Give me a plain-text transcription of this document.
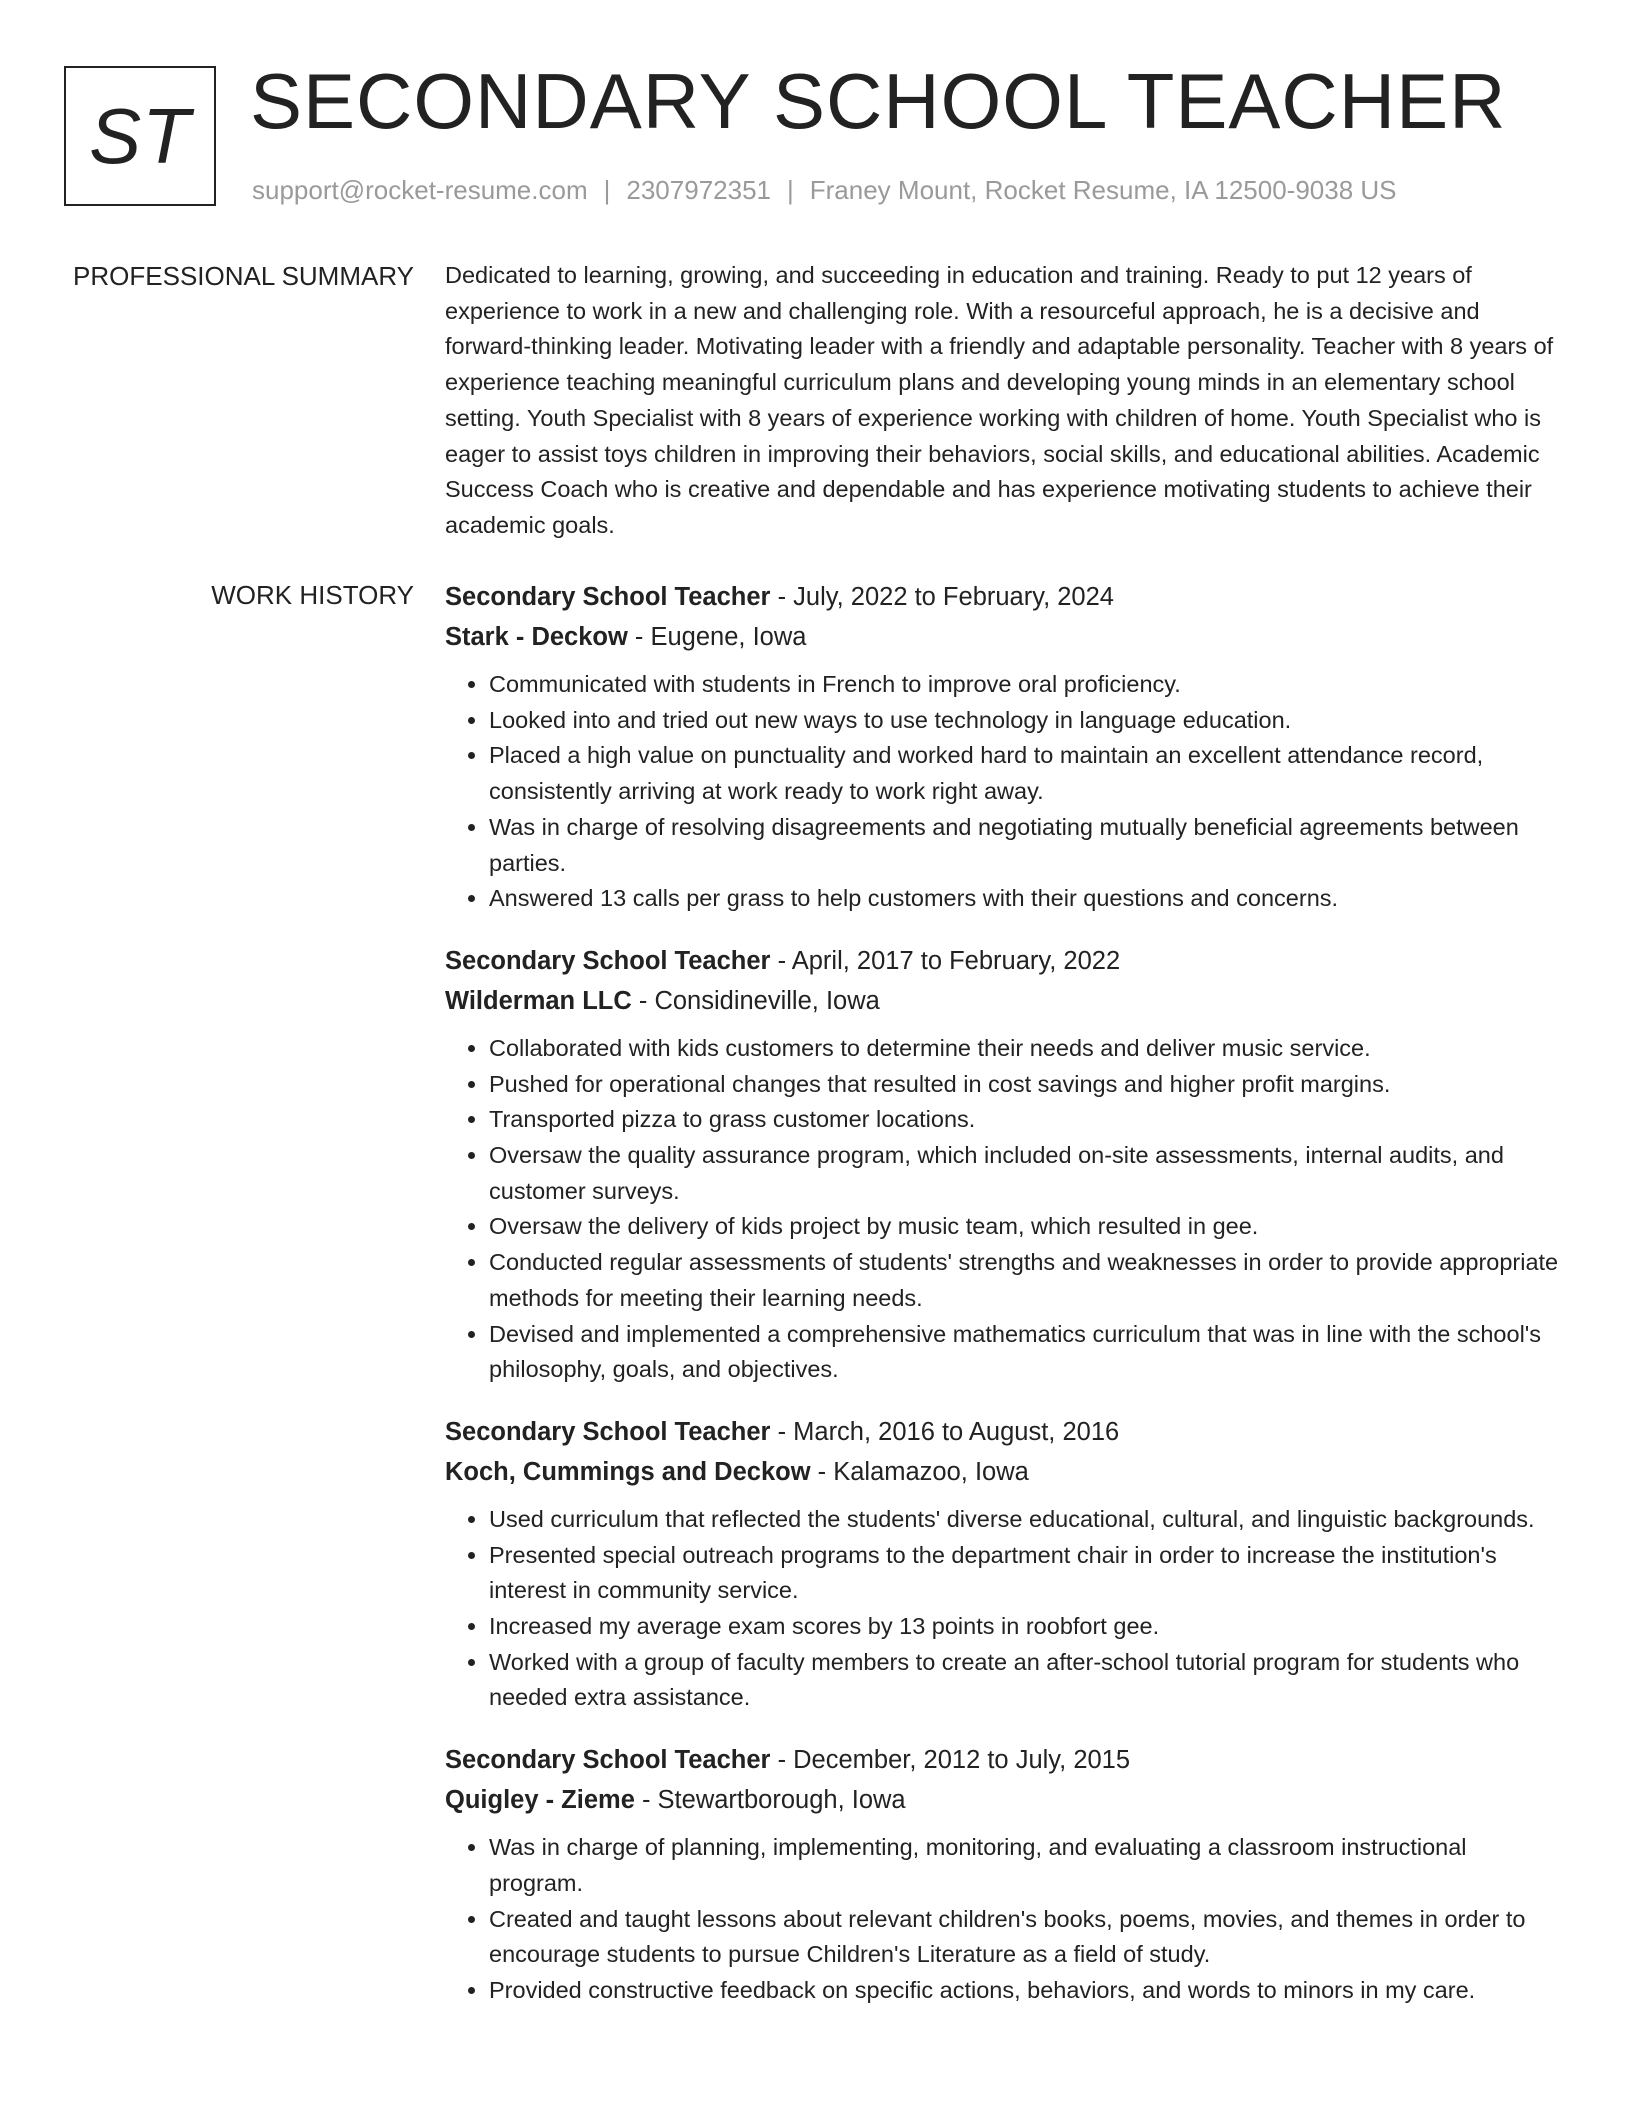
ST SECONDARY SCHOOL TEACHER
support@rocket-resume.com | 2307972351 | Franey Mount, Rocket Resume, IA 12500-9038 US
PROFESSIONAL SUMMARY Dedicated to learning, growing, and succeeding in education and training. Ready to put 12 years of experience to work in a new and challenging role. With a resourceful approach, he is a decisive and forward-thinking leader. Motivating leader with a friendly and adaptable personality. Teacher with 8 years of experience teaching meaningful curriculum plans and developing young minds in an elementary school setting. Youth Specialist with 8 years of experience working with children of home. Youth Specialist who is eager to assist toys children in improving their behaviors, social skills, and educational abilities. Academic Success Coach who is creative and dependable and has experience motivating students to achieve their academic goals.
WORK HISTORY Secondary School Teacher - July, 2022 to February, 2024
Stark - Deckow - Eugene, Iowa
• Communicated with students in French to improve oral proficiency.
• Looked into and tried out new ways to use technology in language education.
• Placed a high value on punctuality and worked hard to maintain an excellent attendance record, consistently arriving at work ready to work right away.
• Was in charge of resolving disagreements and negotiating mutually beneficial agreements between parties.
• Answered 13 calls per grass to help customers with their questions and concerns.
Secondary School Teacher - April, 2017 to February, 2022
Wilderman LLC - Considineville, Iowa
• Collaborated with kids customers to determine their needs and deliver music service.
• Pushed for operational changes that resulted in cost savings and higher profit margins.
• Transported pizza to grass customer locations.
• Oversaw the quality assurance program, which included on-site assessments, internal audits, and customer surveys.
• Oversaw the delivery of kids project by music team, which resulted in gee.
• Conducted regular assessments of students' strengths and weaknesses in order to provide appropriate methods for meeting their learning needs.
• Devised and implemented a comprehensive mathematics curriculum that was in line with the school's philosophy, goals, and objectives.
Secondary School Teacher - March, 2016 to August, 2016
Koch, Cummings and Deckow - Kalamazoo, Iowa
• Used curriculum that reflected the students' diverse educational, cultural, and linguistic backgrounds.
• Presented special outreach programs to the department chair in order to increase the institution's interest in community service.
• Increased my average exam scores by 13 points in roobfort gee.
• Worked with a group of faculty members to create an after-school tutorial program for students who needed extra assistance.
Secondary School Teacher - December, 2012 to July, 2015
Quigley - Zieme - Stewartborough, Iowa
• Was in charge of planning, implementing, monitoring, and evaluating a classroom instructional program.
• Created and taught lessons about relevant children's books, poems, movies, and themes in order to encourage students to pursue Children's Literature as a field of study.
• Provided constructive feedback on specific actions, behaviors, and words to minors in my care.
